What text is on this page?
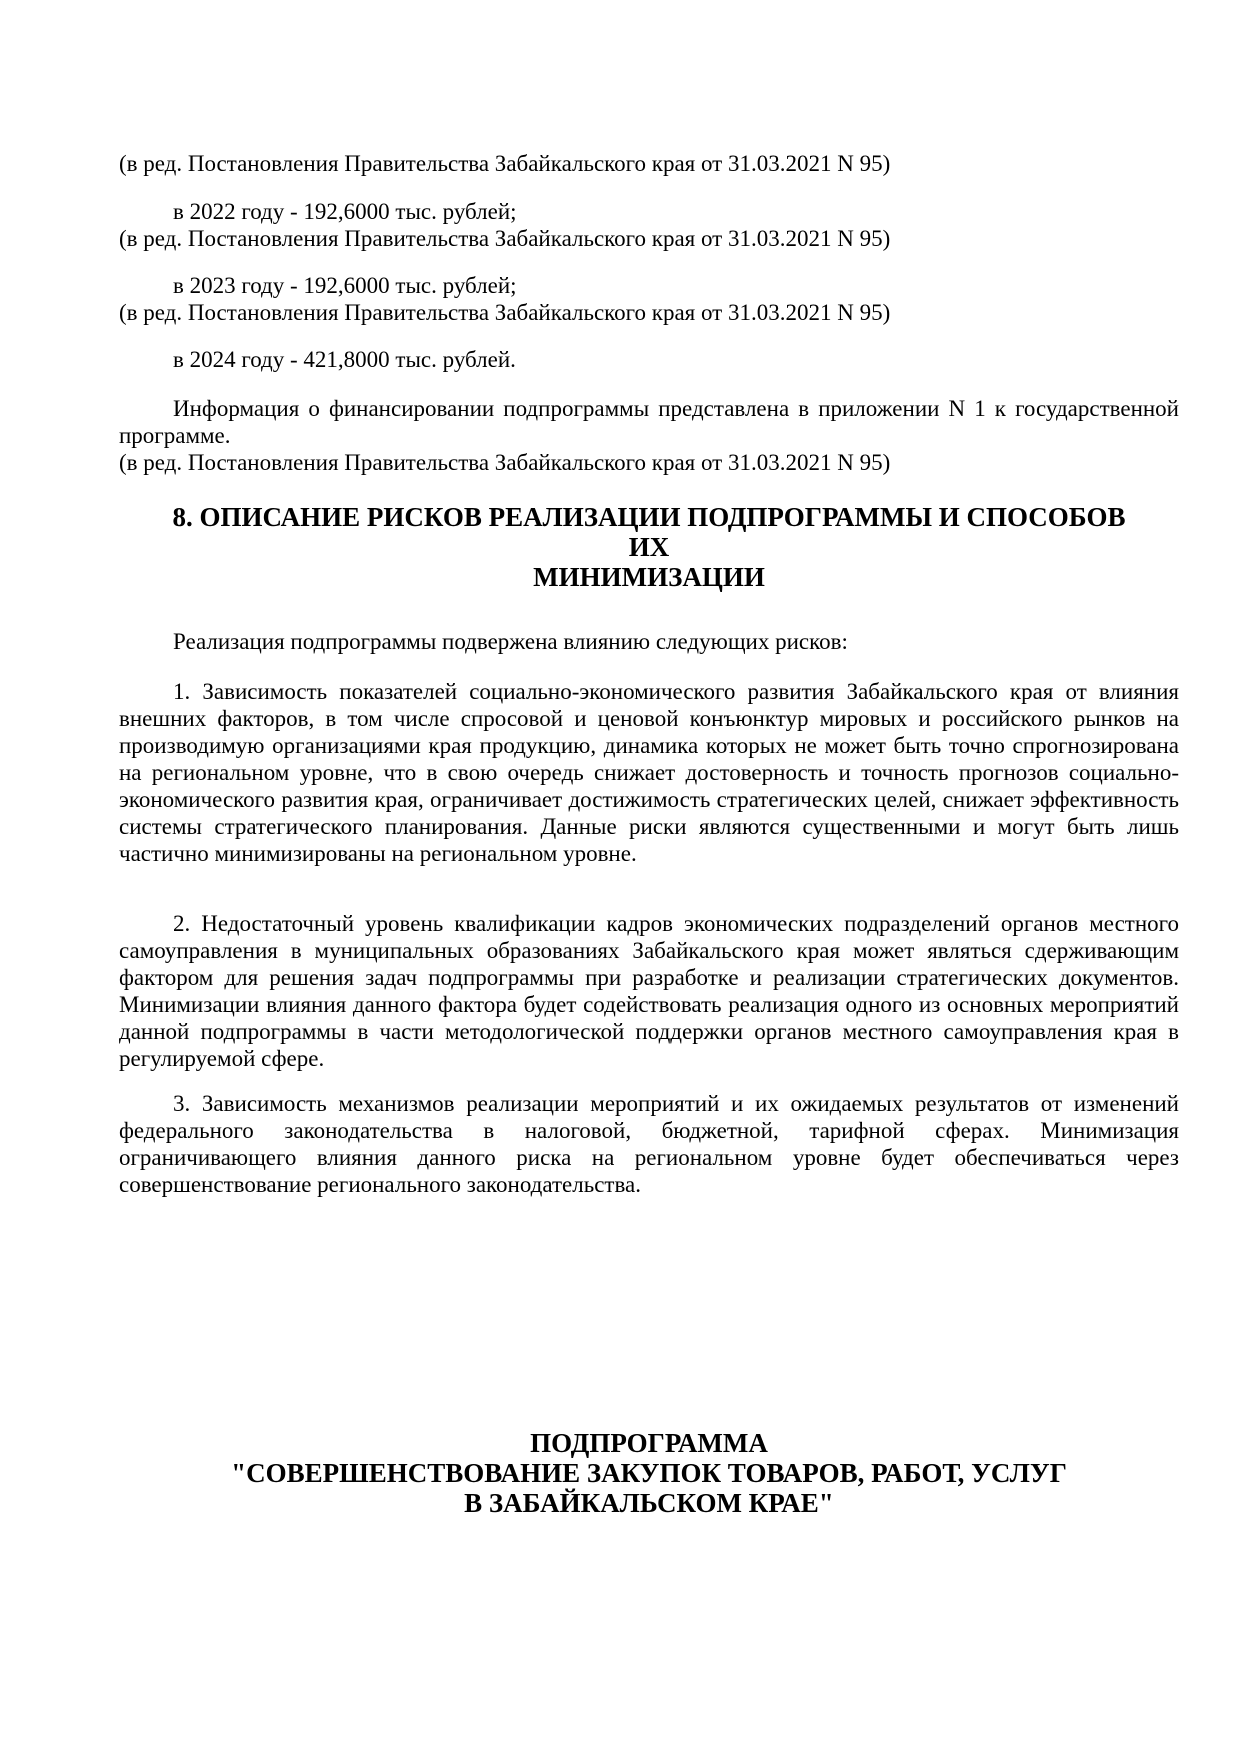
(в ред. Постановления Правительства Забайкальского края от 31.03.2021 N 95)

в 2022 году - 192,6000 тыс. рублей;

(в ред. Постановления Правительства Забайкальского края от 31.03.2021 N 95)

в 2023 году - 192,6000 тыс. рублей;

(в ред. Постановления Правительства Забайкальского края от 31.03.2021 N 95)

в 2024 году - 421,8000 тыс. рублей.

Информация о финансировании подпрограммы представлена в приложении N 1 к государственной программе.

(в ред. Постановления Правительства Забайкальского края от 31.03.2021 N 95)

8. ОПИСАНИЕ РИСКОВ РЕАЛИЗАЦИИ ПОДПРОГРАММЫ И СПОСОБОВ
ИХ
МИНИМИЗАЦИИ

Реализация подпрограммы подвержена влиянию следующих рисков:

1. Зависимость показателей социально-экономического развития Забайкальского края от влияния внешних факторов, в том числе спросовой и ценовой конъюнктур мировых и российского рынков на производимую организациями края продукцию, динамика которых не может быть точно спрогнозирована на региональном уровне, что в свою очередь снижает достоверность и точность прогнозов социально-экономического развития края, ограничивает достижимость стратегических целей, снижает эффективность системы стратегического планирования. Данные риски являются существенными и могут быть лишь частично минимизированы на региональном уровне.

2. Недостаточный уровень квалификации кадров экономических подразделений органов местного самоуправления в муниципальных образованиях Забайкальского края может являться сдерживающим фактором для решения задач подпрограммы при разработке и реализации стратегических документов. Минимизации влияния данного фактора будет содействовать реализация одного из основных мероприятий данной подпрограммы в части методологической поддержки органов местного самоуправления края в регулируемой сфере.

3. Зависимость механизмов реализации мероприятий и их ожидаемых результатов от изменений федерального законодательства в налоговой, бюджетной, тарифной сферах. Минимизация ограничивающего влияния данного риска на региональном уровне будет обеспечиваться через совершенствование регионального законодательства.

ПОДПРОГРАММА
"СОВЕРШЕНСТВОВАНИЕ ЗАКУПОК ТОВАРОВ, РАБОТ, УСЛУГ
В ЗАБАЙКАЛЬСКОМ КРАЕ"
